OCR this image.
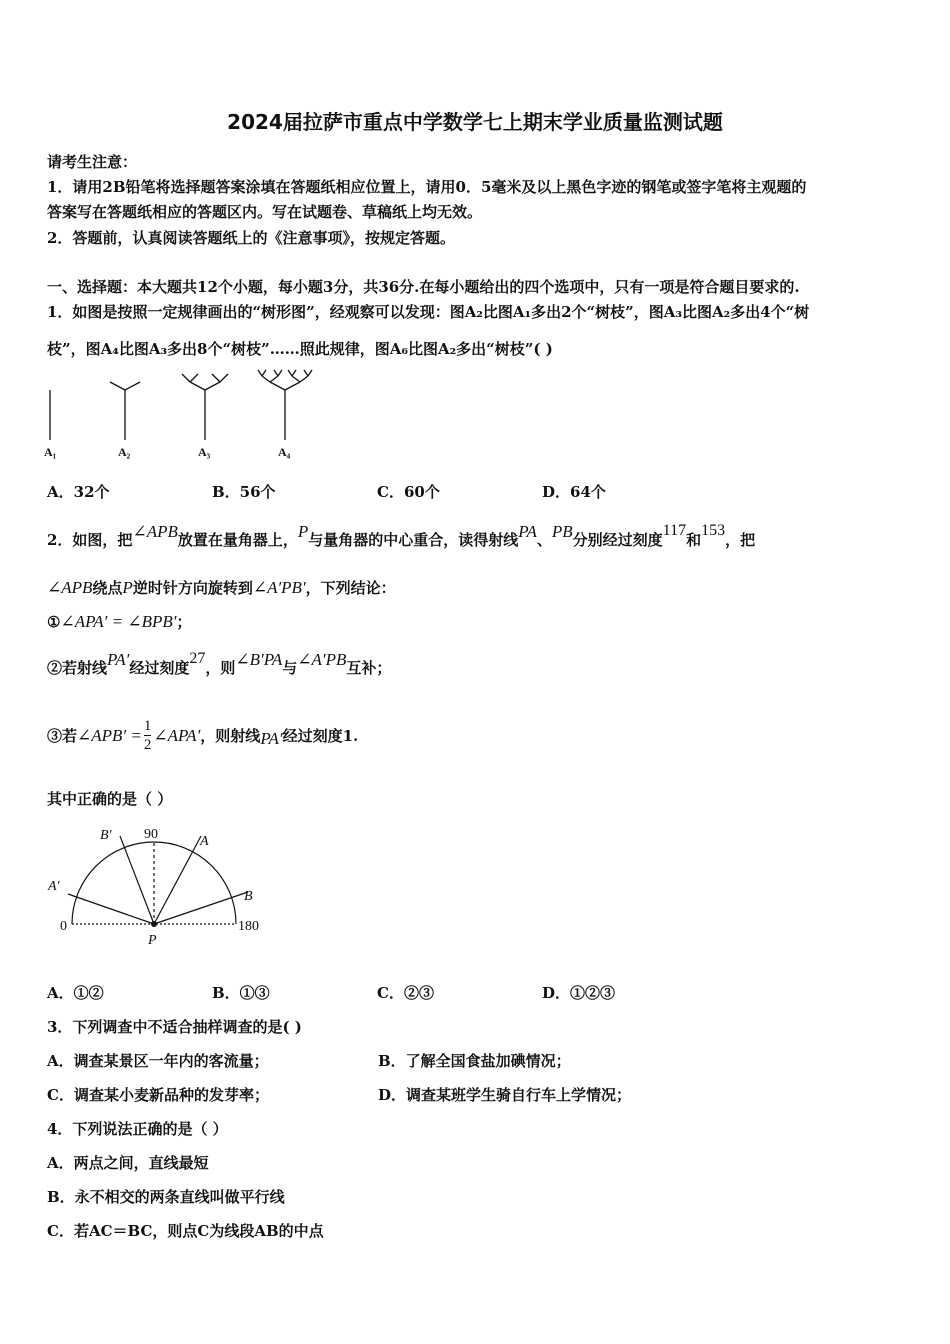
2024届拉萨市重点中学数学七上期末学业质量监测试题
请考生注意：
1．请用2B铅笔将选择题答案涂填在答题纸相应位置上，请用0．5毫米及以上黑色字迹的钢笔或签字笔将主观题的
答案写在答题纸相应的答题区内。写在试题卷、草稿纸上均无效。
2．答题前，认真阅读答题纸上的《注意事项》，按规定答题。
一、选择题：本大题共12个小题，每小题3分，共36分.在每小题给出的四个选项中，只有一项是符合题目要求的.
1．如图是按照一定规律画出的“树形图”，经观察可以发现：图A₂比图A₁多出2个“树枝”，图A₃比图A₂多出4个“树
枝”，图A₄比图A₃多出8个“树枝”……照此规律，图A₆比图A₂多出“树枝”( )
A₁	A₂	A₃	A₄
A．32个	B．56个	C．60个	D．64个
2．如图，把∠APB放置在量角器上，P与量角器的中心重合，读得射线PA、PB分别经过刻度117和153，把
∠APB绕点P逆时针方向旋转到∠A′PB′，下列结论：
①∠APA′ = ∠BPB′；
②若射线PA′经过刻度27，则∠B′PA与∠A′PB互补；
③若 ∠APB′ = $\frac{1}{2}$ ∠APA′ ，则射线 PA′ 经过刻度1.
其中正确的是（ ）
B′ 90	A
A′
0
B
P
180
A．①②	B．①③	C．②③	D．①②③
3．下列调查中不适合抽样调查的是( )
A．调查某景区一年内的客流量；	B．了解全国食盐加碘情况；
C．调查某小麦新品种的发芽率；	D．调查某班学生骑自行车上学情况；
4．下列说法正确的是（ ）
A．两点之间，直线最短
B．永不相交的两条直线叫做平行线
C．若AC＝BC，则点C为线段AB的中点
